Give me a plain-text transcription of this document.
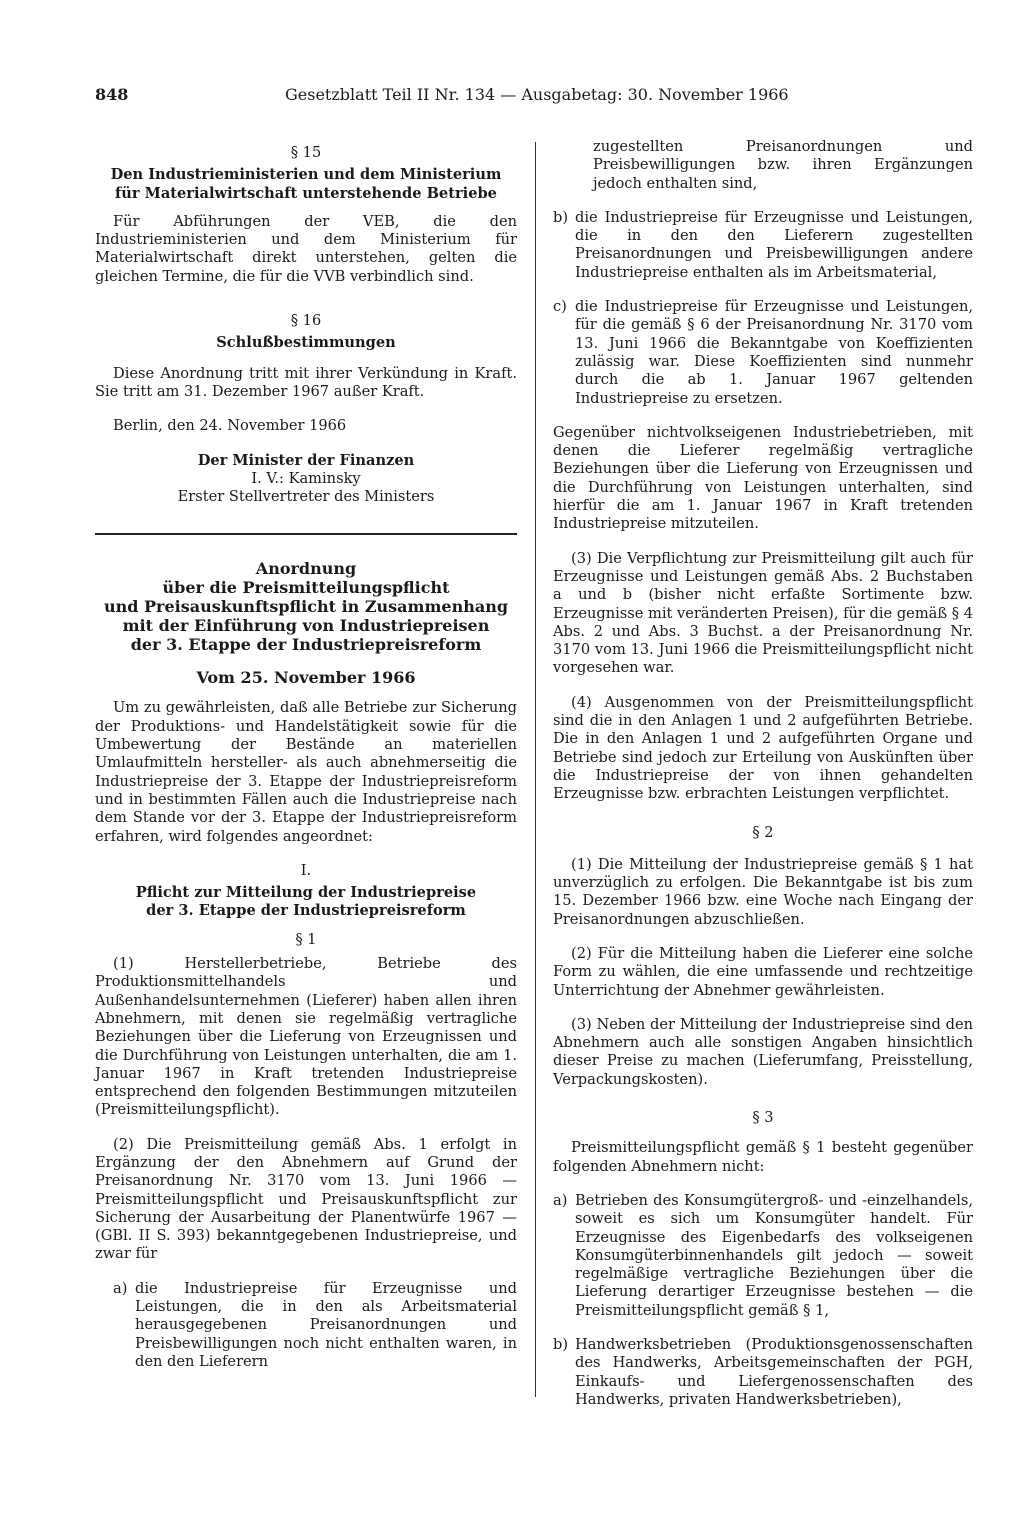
848	Gesetzblatt Teil II Nr. 134 — Ausgabetag: 30. November 1966
§ 15
Den Industrieministerien und dem Ministerium
für Materialwirtschaft unterstehende Betriebe

Für Abführungen der VEB, die den Industrieministerien und dem Ministerium für Materialwirtschaft direkt unterstehen, gelten die gleichen Termine, die für die VVB verbindlich sind.

§ 16
Schlußbestimmungen

Diese Anordnung tritt mit ihrer Verkündung in Kraft. Sie tritt am 31. Dezember 1967 außer Kraft.

Berlin, den 24. November 1966

Der Minister der Finanzen
I. V.: Kaminsky
Erster Stellvertreter des Ministers
Anordnung
über die Preismitteilungspflicht
und Preisauskunftspflicht in Zusammenhang
mit der Einführung von Industriepreisen
der 3. Etappe der Industriepreisreform
Vom 25. November 1966

Um zu gewährleisten, daß alle Betriebe zur Sicherung der Produktions- und Handelstätigkeit sowie für die Umbewertung der Bestände an materiellen Umlaufmitteln hersteller- als auch abnehmerseitig die Industriepreise der 3. Etappe der Industriepreisreform und in bestimmten Fällen auch die Industriepreise nach dem Stande vor der 3. Etappe der Industriepreisreform erfahren, wird folgendes angeordnet:

I.
Pflicht zur Mitteilung der Industriepreise
der 3. Etappe der Industriepreisreform
§ 1

(1) Herstellerbetriebe, Betriebe des Produktionsmittelhandels und Außenhandelsunternehmen (Lieferer) haben allen ihren Abnehmern, mit denen sie regelmäßig vertragliche Beziehungen über die Lieferung von Erzeugnissen und die Durchführung von Leistungen unterhalten, die am 1. Januar 1967 in Kraft tretenden Industriepreise entsprechend den folgenden Bestimmungen mitzuteilen (Preismitteilungspflicht).

(2) Die Preismitteilung gemäß Abs. 1 erfolgt in Ergänzung der den Abnehmern auf Grund der Preisanordnung Nr. 3170 vom 13. Juni 1966 — Preismitteilungspflicht und Preisauskunftspflicht zur Sicherung der Ausarbeitung der Planentwürfe 1967 — (GBl. II S. 393) bekanntgegebenen Industriepreise, und zwar für

a) die Industriepreise für Erzeugnisse und Leistungen, die in den als Arbeitsmaterial herausgegebenen Preisanordnungen und Preisbewilligungen noch nicht enthalten waren, in den den Lieferern
zugestellten Preisanordnungen und Preisbewilligungen bzw. ihren Ergänzungen jedoch enthalten sind,
b) die Industriepreise für Erzeugnisse und Leistungen, die in den den Lieferern zugestellten Preisanordnungen und Preisbewilligungen andere Industriepreise enthalten als im Arbeitsmaterial,
c) die Industriepreise für Erzeugnisse und Leistungen, für die gemäß § 6 der Preisanordnung Nr. 3170 vom 13. Juni 1966 die Bekanntgabe von Koeffizienten zulässig war. Diese Koeffizienten sind nunmehr durch die ab 1. Januar 1967 geltenden Industriepreise zu ersetzen.

Gegenüber nichtvolkseigenen Industriebetrieben, mit denen die Lieferer regelmäßig vertragliche Beziehungen über die Lieferung von Erzeugnissen und die Durchführung von Leistungen unterhalten, sind hierfür die am 1. Januar 1967 in Kraft tretenden Industriepreise mitzuteilen.

(3) Die Verpflichtung zur Preismitteilung gilt auch für Erzeugnisse und Leistungen gemäß Abs. 2 Buchstaben a und b (bisher nicht erfaßte Sortimente bzw. Erzeugnisse mit veränderten Preisen), für die gemäß § 4 Abs. 2 und Abs. 3 Buchst. a der Preisanordnung Nr. 3170 vom 13. Juni 1966 die Preismitteilungspflicht nicht vorgesehen war.

(4) Ausgenommen von der Preismitteilungspflicht sind die in den Anlagen 1 und 2 aufgeführten Betriebe. Die in den Anlagen 1 und 2 aufgeführten Organe und Betriebe sind jedoch zur Erteilung von Auskünften über die Industriepreise der von ihnen gehandelten Erzeugnisse bzw. erbrachten Leistungen verpflichtet.

§ 2

(1) Die Mitteilung der Industriepreise gemäß § 1 hat unverzüglich zu erfolgen. Die Bekanntgabe ist bis zum 15. Dezember 1966 bzw. eine Woche nach Eingang der Preisanordnungen abzuschließen.

(2) Für die Mitteilung haben die Lieferer eine solche Form zu wählen, die eine umfassende und rechtzeitige Unterrichtung der Abnehmer gewährleisten.

(3) Neben der Mitteilung der Industriepreise sind den Abnehmern auch alle sonstigen Angaben hinsichtlich dieser Preise zu machen (Lieferumfang, Preisstellung, Verpackungskosten).

§ 3

Preismitteilungspflicht gemäß § 1 besteht gegenüber folgenden Abnehmern nicht:

a) Betrieben des Konsumgütergroß- und -einzelhandels, soweit es sich um Konsumgüter handelt. Für Erzeugnisse des Eigenbedarfs des volkseigenen Konsumgüterbinnenhandels gilt jedoch — soweit regelmäßige vertragliche Beziehungen über die Lieferung derartiger Erzeugnisse bestehen — die Preismitteilungspflicht gemäß § 1,
b) Handwerksbetrieben (Produktionsgenossenschaften des Handwerks, Arbeitsgemeinschaften der PGH, Einkaufs- und Liefergenossenschaften des Handwerks, privaten Handwerksbetrieben),
